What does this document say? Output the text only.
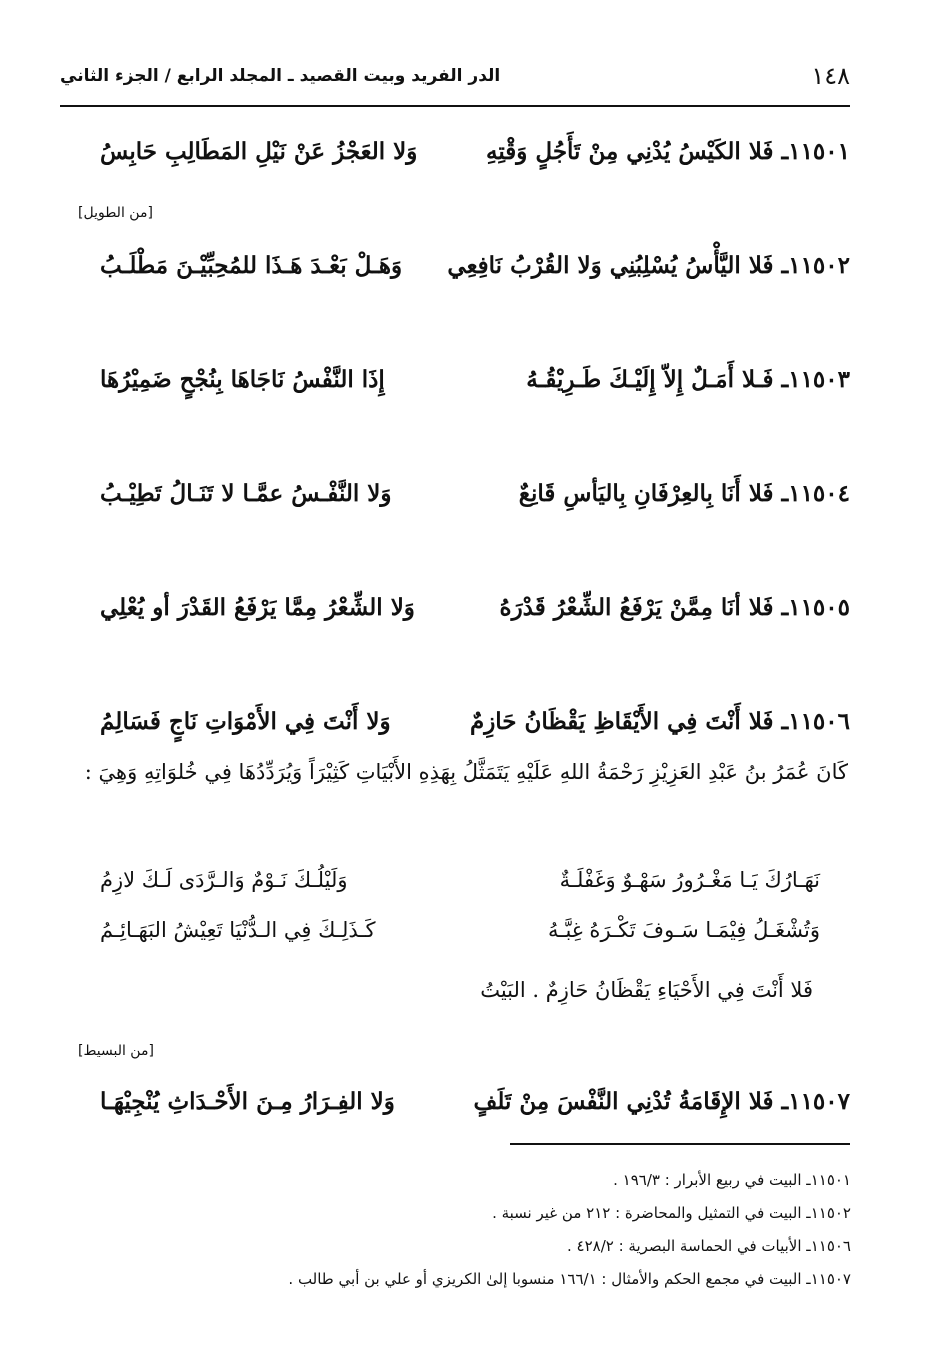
١٤٨
الدر الفريد وبيت القصيد ـ المجلد الرابع / الجزء الثاني
١١٥٠١ـ فَلا الكَيْسُ يُدْنِي مِنْ تَأَجُلٍ وَقْتِهِ
وَلا العَجْزُ عَنْ نَيْلِ المَطَالِبِ حَابِسُ
[من الطويل]
١١٥٠٢ـ فَلا اليَّأْسُ يُسْلِبُنِي وَلا القُرْبُ نَافِعِي
وَهَـلْ بَعْـدَ هَـذَا للمُحِبِّيْـنَ مَطْلَـبُ
١١٥٠٣ـ فَـلا أَمَـلٌ إِلاّ إِلَيْـكَ طَـرِيْقُـهُ
إِذَا النَّفْسُ نَاجَاهَا بِنُجْحٍ ضَمِيْرُهَا
١١٥٠٤ـ فَلا أَنَا بِالعِرْفَانِ بِاليَأسِ قَانِعٌ
وَلا النَّفْـسُ عمَّـا لا تَنَـالُ تَطِيْـبُ
١١٥٠٥ـ فَلا أنَا مِمَّنْ يَرْفَعُ الشِّعْرُ قَدْرَهُ
وَلا الشِّعْرُ مِمَّا يَرْفَعُ القَدْرَ أو يُعْلِي
١١٥٠٦ـ فَلا أَنْتَ فِي الأَيْقَاظِ يَقْظَانُ حَازِمٌ
وَلا أَنْتَ فِي الأَمْوَاتِ نَاجٍ فَسَالِمُ
كَانَ عُمَرُ بنُ عَبْدِ العَزِيْزِ رَحْمَةُ اللهِ عَلَيْهِ يَتَمَثَّلُ بِهَذِهِ الأَبْيَاتِ كَثِيْرَاً وَيُرَدِّدُهَا فِي خُلوَاتِهِ وَهِيَ :
نَهَـارُكَ يَـا مَغْـرُورُ سَهْـوٌ وَغَفْلَـةٌ
وَلَيْلُـكَ نَـوْمٌ وَالـرَّدَى لَـكَ لازِمُ
وَتُشْغَـلُ فِيْمَـا سَـوفَ تَكْـرَهُ غِبَّـهُ
كَـذَلِـكَ فِي الـدُّنْيَا تَعِيْشُ البَهَـائِـمُ
فَلا أَنْتَ فِي الأَحْيَاءِ يَقْظَانُ حَازِمٌ . البَيْتُ
[من البسيط]
١١٥٠٧ـ فَلا الإِقَامَةُ تُدْنِي النَّفْسَ مِنْ تَلَفٍ
وَلا الفِـرَارُ مِـنَ الأَحْـدَاثِ يُنْجِيْهَـا
١١٥٠١ـ البيت في ربيع الأبرار : ١٩٦/٣ .
١١٥٠٢ـ البيت في التمثيل والمحاضرة : ٢١٢ من غير نسبة .
١١٥٠٦ـ الأبيات في الحماسة البصرية : ٤٢٨/٢ .
١١٥٠٧ـ البيت في مجمع الحكم والأمثال : ١٦٦/١ منسوبا إلىٰ الكريزي أو علي بن أبي طالب .
